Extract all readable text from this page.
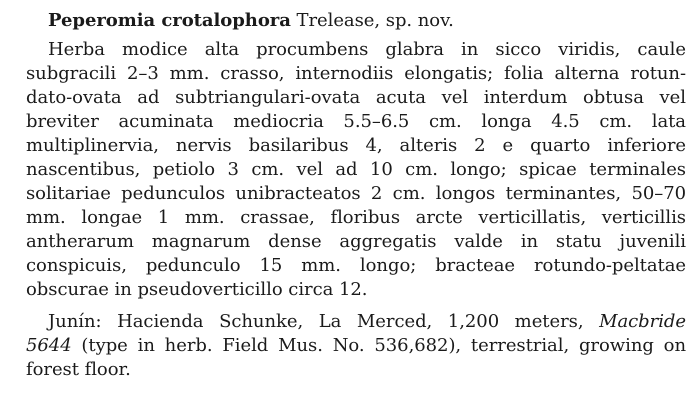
Peperomia crotalophora Trelease, sp. nov.
Herba modice alta procumbens glabra in sicco viridis, caule
subgracili 2–3 mm. crasso, internodiis elongatis; folia alterna rotun-
dato-ovata ad subtriangulari-ovata acuta vel interdum obtusa vel
breviter acuminata mediocria 5.5–6.5 cm. longa 4.5 cm. lata
multiplinervia, nervis basilaribus 4, alteris 2 e quarto inferiore
nascentibus, petiolo 3 cm. vel ad 10 cm. longo; spicae terminales
solitariae pedunculos unibracteatos 2 cm. longos terminantes, 50–70
mm. longae 1 mm. crassae, floribus arcte verticillatis, verticillis
antherarum magnarum dense aggregatis valde in statu juvenili
conspicuis, pedunculo 15 mm. longo; bracteae rotundo-peltatae
obscurae in pseudoverticillo circa 12.
Junín: Hacienda Schunke, La Merced, 1,200 meters, Macbride
5644 (type in herb. Field Mus. No. 536,682), terrestrial, growing on
forest floor.
